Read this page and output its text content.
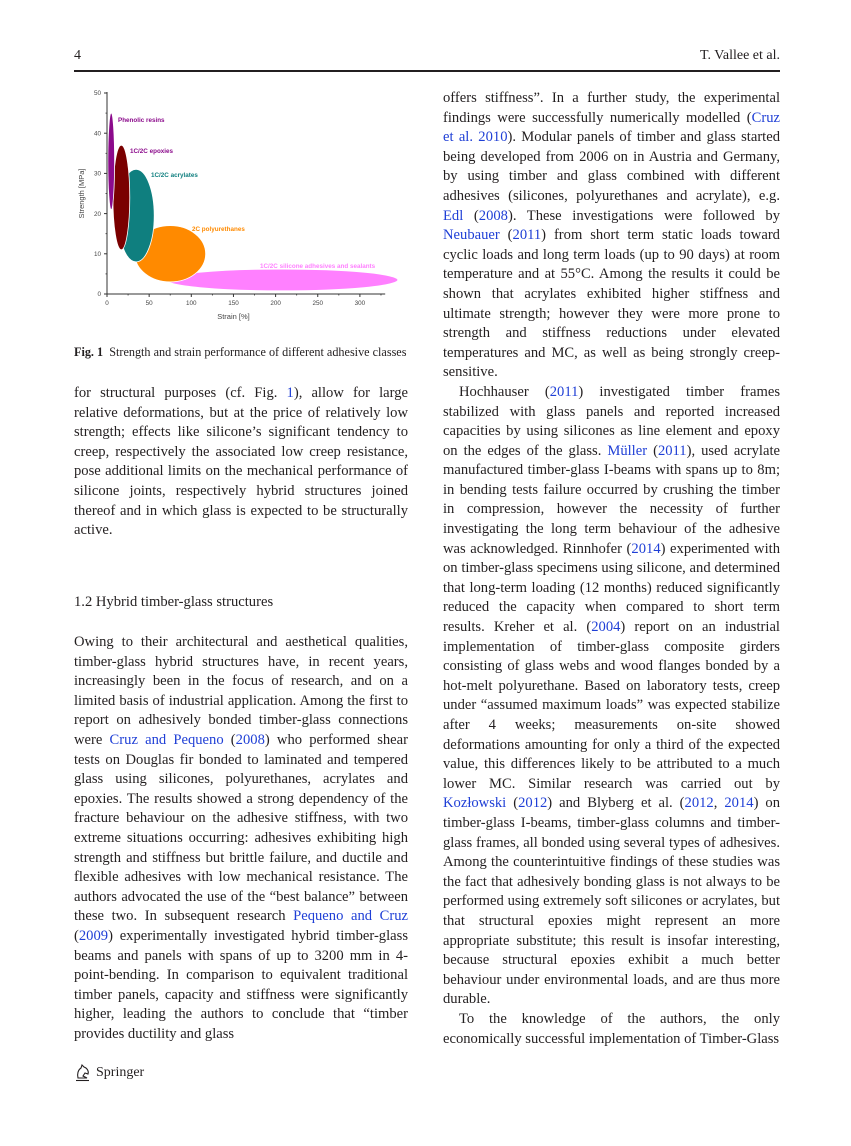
4	T. Vallee et al.
Phenolic resins
1C/2C epoxies
1C/2C acrylates
2C polyurethanes
1C/2C silicone adhesives and sealants
0
10
20
30
40
50
0	50	100	150	200	250	300
Strain [%]
Strength [MPa]
Fig. 1 Strength and strain performance of different adhesive classes

for structural purposes (cf. Fig. 1), allow for large relative deformations, but at the price of relatively low strength; effects like silicone’s significant tendency to creep, respectively the associated low creep resistance, pose additional limits on the mechanical performance of silicone joints, respectively hybrid structures joined thereof and in which glass is expected to be structurally active.

1.2 Hybrid timber-glass structures

Owing to their architectural and aesthetical qualities, timber-glass hybrid structures have, in recent years, increasingly been in the focus of research, and on a limited basis of industrial application. Among the first to report on adhesively bonded timber-glass connections were Cruz and Pequeno (2008) who performed shear tests on Douglas fir bonded to laminated and tempered glass using silicones, polyurethanes, acrylates and epoxies. The results showed a strong dependency of the fracture behaviour on the adhesive stiffness, with two extreme situations occurring: adhesives exhibiting high strength and stiffness but brittle failure, and ductile and flexible adhesives with low mechanical resistance. The authors advocated the use of the “best balance” between these two. In subsequent research Pequeno and Cruz (2009) experimentally investigated hybrid timber-glass beams and panels with spans of up to 3200 mm in 4-point-bending. In comparison to equivalent traditional timber panels, capacity and stiffness were significantly higher, leading the authors to conclude that “timber provides ductility and glass

offers stiffness”. In a further study, the experimental findings were successfully numerically modelled (Cruz et al. 2010). Modular panels of timber and glass started being developed from 2006 on in Austria and Germany, by using timber and glass combined with different adhesives (silicones, polyurethanes and acrylate), e.g. Edl (2008). These investigations were followed by Neubauer (2011) from short term static loads toward cyclic loads and long term loads (up to 90 days) at room temperature and at 55°C. Among the results it could be shown that acrylates exhibited higher stiffness and ultimate strength; however they were more prone to strength and stiffness reductions under elevated temperatures and MC, as well as being strongly creep-sensitive.

Hochhauser (2011) investigated timber frames stabilized with glass panels and reported increased capacities by using silicones as line element and epoxy on the edges of the glass. Müller (2011), used acrylate manufactured timber-glass I-beams with spans up to 8m; in bending tests failure occurred by crushing the timber in compression, however the necessity of further investigating the long term behaviour of the adhesive was acknowledged. Rinnhofer (2014) experimented with on timber-glass specimens using silicone, and determined that long-term loading (12 months) reduced significantly reduced the capacity when compared to short term results. Kreher et al. (2004) report on an industrial implementation of timber-glass composite girders consisting of glass webs and wood flanges bonded by a hot-melt polyurethane. Based on laboratory tests, creep under “assumed maximum loads” was expected stabilize after 4 weeks; measurements on-site showed deformations amounting for only a third of the expected value, this differences likely to be attributed to a much lower MC. Similar research was carried out by Kozłowski (2012) and Blyberg et al. (2012, 2014) on timber-glass I-beams, timber-glass columns and timber-glass frames, all bonded using several types of adhesives. Among the counterintuitive findings of these studies was the fact that adhesively bonding glass is not always to be performed using extremely soft silicones or acrylates, but that structural epoxies might represent an more appropriate substitute; this result is insofar interesting, because structural epoxies exhibit a much better behaviour under environmental loads, and are thus more durable.

To the knowledge of the authors, the only economically successful implementation of Timber-Glass

Springer
